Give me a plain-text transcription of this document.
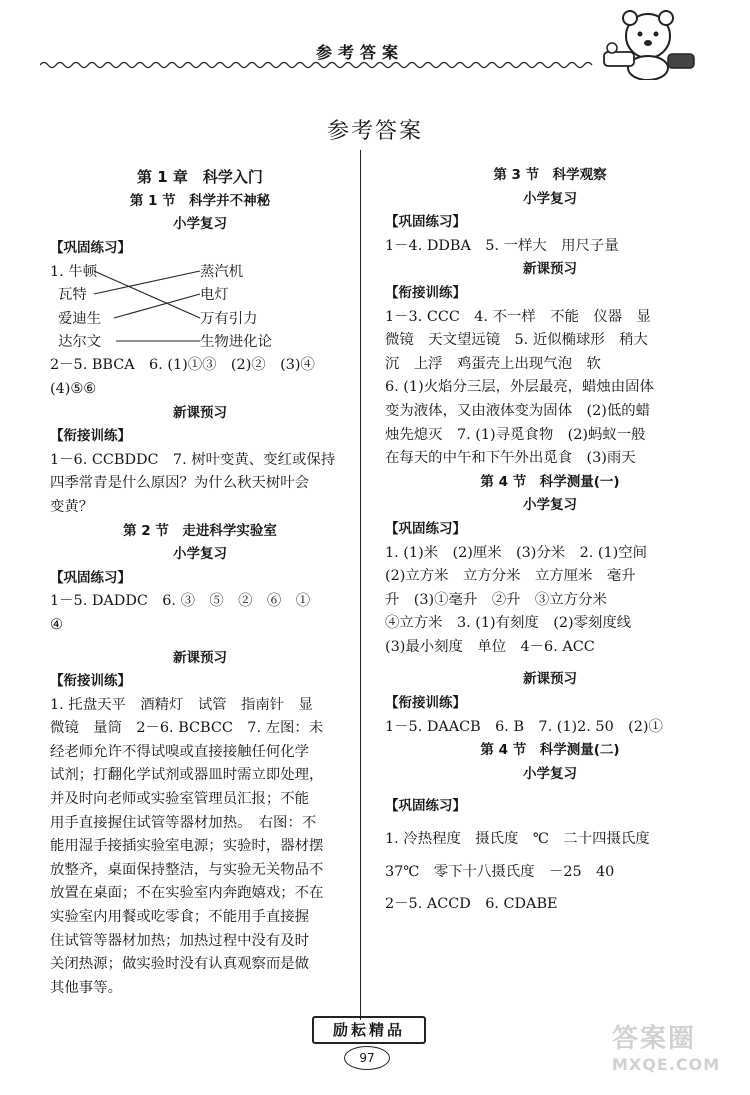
参考答案
参考答案
第 1 章　科学入门
第 1 节　科学并不神秘
小学复习
【巩固练习】
1. 牛顿
瓦特
爱迪生
达尔文
蒸汽机
电灯
万有引力
生物进化论
2－5. BBCA　6. (1)①③　(2)②　(3)④
(4)⑤⑥
新课预习
【衔接训练】
1－6. CCBDDC　7. 树叶变黄、变红或保持
四季常青是什么原因？为什么秋天树叶会
变黄？
第 2 节　走进科学实验室
小学复习
【巩固练习】
1－5. DADDC　6. ③　⑤　②　⑥　①
④
新课预习
【衔接训练】
1. 托盘天平　酒精灯　试管　指南针　显
微镜　量筒　2－6. BCBCC　7. 左图：未
经老师允许不得试嗅或直接接触任何化学
试剂；打翻化学试剂或器皿时需立即处理，
并及时向老师或实验室管理员汇报；不能
用手直接握住试管等器材加热。　右图：不
能用湿手接插实验室电源；实验时，器材摆
放整齐，桌面保持整洁，与实验无关物品不
放置在桌面；不在实验室内奔跑嬉戏；不在
实验室内用餐或吃零食；不能用手直接握
住试管等器材加热；加热过程中没有及时
关闭热源；做实验时没有认真观察而是做
其他事等。
第 3 节　科学观察
小学复习
【巩固练习】
1－4. DDBA　5. 一样大　用尺子量
新课预习
【衔接训练】
1－3. CCC　4. 不一样　不能　仪器　显
微镜　天文望远镜　5. 近似椭球形　稍大
沉　上浮　鸡蛋壳上出现气泡　软
6. (1)火焰分三层，外层最亮，蜡烛由固体
变为液体，又由液体变为固体　(2)低的蜡
烛先熄灭　7. (1)寻觅食物　(2)蚂蚁一般
在每天的中午和下午外出觅食　(3)雨天
第 4 节　科学测量(一)
小学复习
【巩固练习】
1. (1)米　(2)厘米　(3)分米　2. (1)空间
(2)立方米　立方分米　立方厘米　毫升
升　(3)①毫升　②升　③立方分米
④立方米　3. (1)有刻度　(2)零刻度线
(3)最小刻度　单位　4－6. ACC
新课预习
【衔接训练】
1－5. DAACB　6. B　7. (1)2. 50　(2)①
第 4 节　科学测量(二)
小学复习
【巩固练习】
1. 冷热程度　摄氏度　℃　二十四摄氏度
37℃　零下十八摄氏度　－25　40
2－5. ACCD　6. CDABE
励耘精品
97
答案圈
MXQE.COM
